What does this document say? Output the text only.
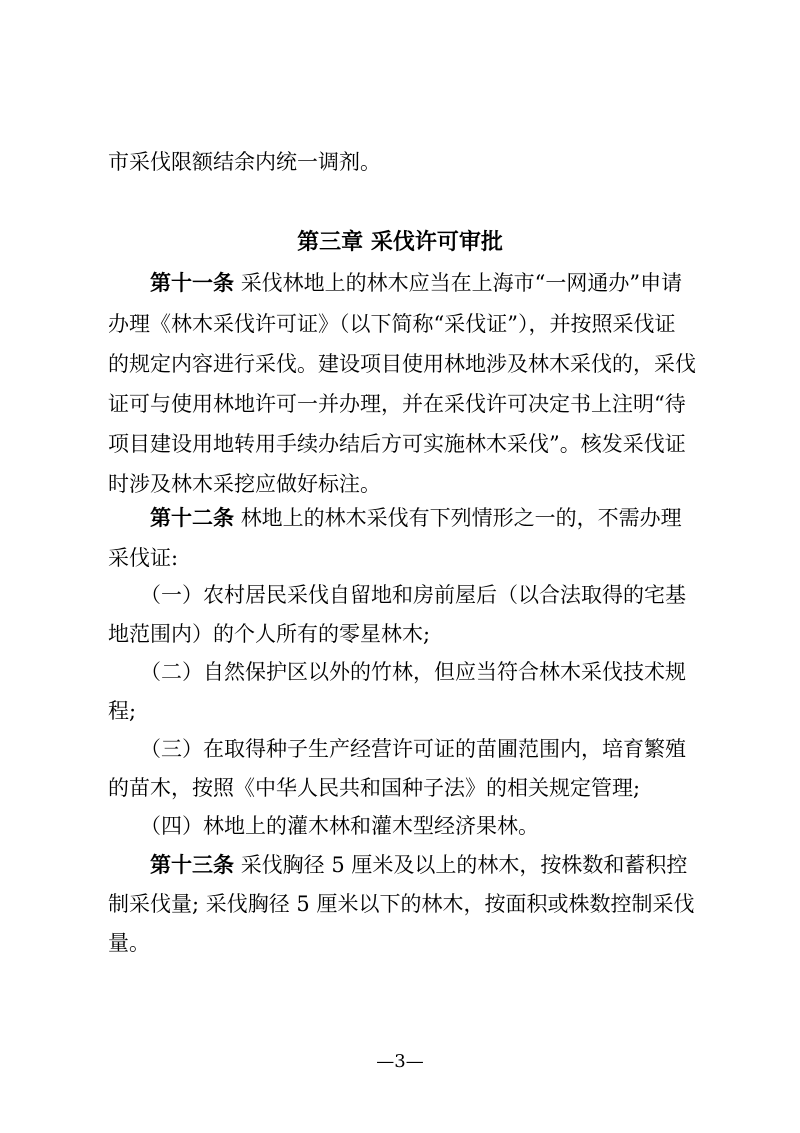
市采伐限额结余内统一调剂。
第三章 采伐许可审批
第十一条 采伐林地上的林木应当在上海市“一网通办”申请
办理《林木采伐许可证》（以下简称“采伐证”），并按照采伐证
的规定内容进行采伐。建设项目使用林地涉及林木采伐的，采伐
证可与使用林地许可一并办理，并在采伐许可决定书上注明“待
项目建设用地转用手续办结后方可实施林木采伐”。核发采伐证
时涉及林木采挖应做好标注。
第十二条 林地上的林木采伐有下列情形之一的，不需办理
采伐证:
（一）农村居民采伐自留地和房前屋后（以合法取得的宅基
地范围内）的个人所有的零星林木;
（二）自然保护区以外的竹林，但应当符合林木采伐技术规
程;
（三）在取得种子生产经营许可证的苗圃范围内，培育繁殖
的苗木，按照《中华人民共和国种子法》的相关规定管理;
（四）林地上的灌木林和灌木型经济果林。
第十三条 采伐胸径 5 厘米及以上的林木，按株数和蓄积控
制采伐量; 采伐胸径 5 厘米以下的林木，按面积或株数控制采伐
量。
—3—
